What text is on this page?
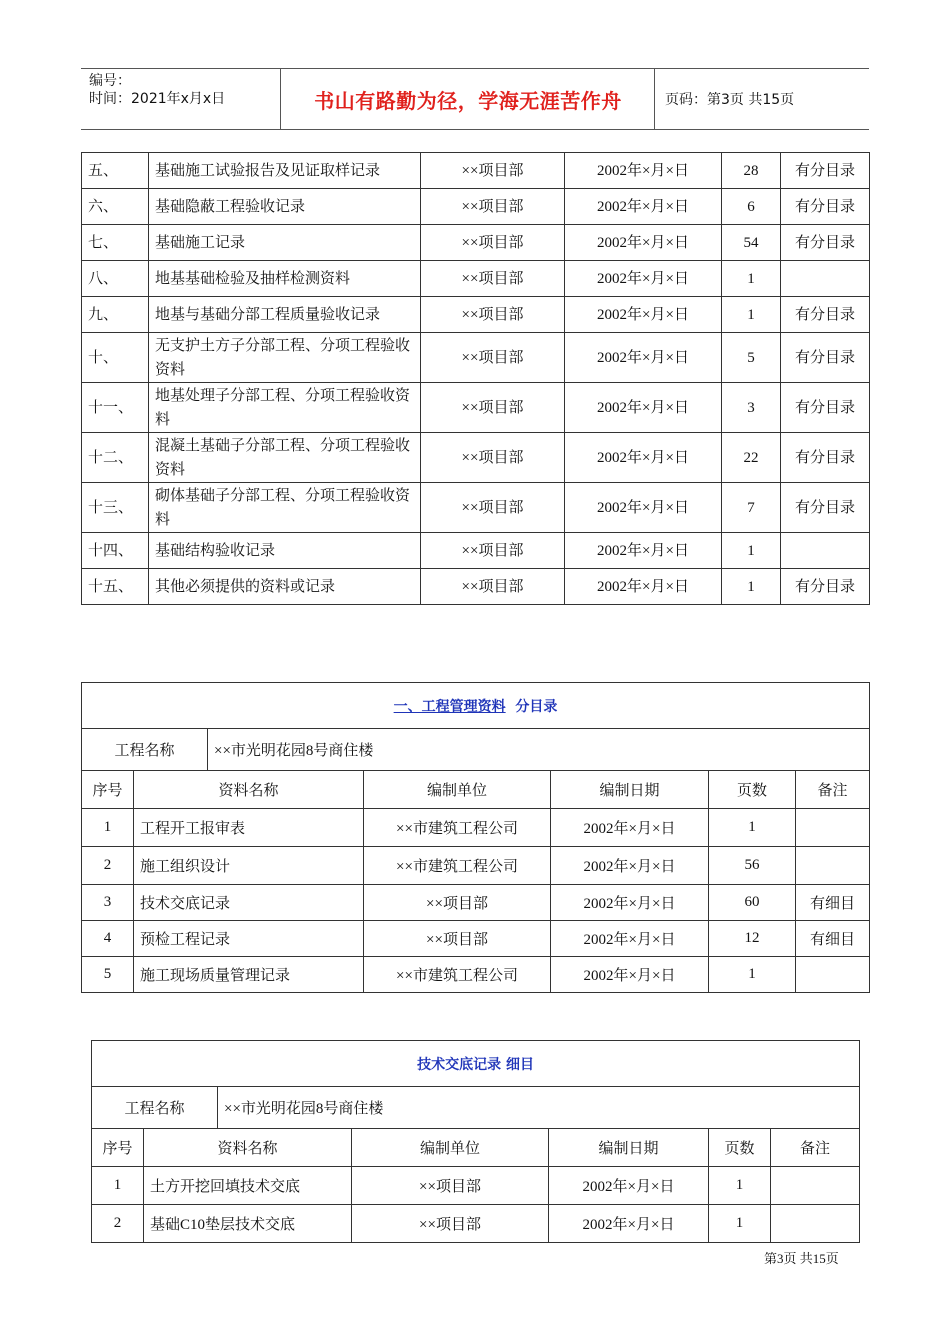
编号：
时间：2021年x月x日	书山有路勤为径，学海无涯苦作舟	页码：第3页 共15页
五、	基础施工试验报告及见证取样记录	××项目部	2002年×月×日	28	有分目录
六、	基础隐蔽工程验收记录	××项目部	2002年×月×日	6	有分目录
七、	基础施工记录	××项目部	2002年×月×日	54	有分目录
八、	地基基础检验及抽样检测资料	××项目部	2002年×月×日	1	
九、	地基与基础分部工程质量验收记录	××项目部	2002年×月×日	1	有分目录
十、	无支护土方子分部工程、分项工程验收资料	××项目部	2002年×月×日	5	有分目录
十一、	地基处理子分部工程、分项工程验收资料	××项目部	2002年×月×日	3	有分目录
十二、	混凝土基础子分部工程、分项工程验收资料	××项目部	2002年×月×日	22	有分目录
十三、	砌体基础子分部工程、分项工程验收资料	××项目部	2002年×月×日	7	有分目录
十四、	基础结构验收记录	××项目部	2002年×月×日	1	
十五、	其他必须提供的资料或记录	××项目部	2002年×月×日	1	有分目录
一、工程管理资料 分目录						
工程名称		××市光明花园8号商住楼				
序号	资料名称		编制单位	编制日期	页数	备注
1	工程开工报审表		××市建筑工程公司	2002年×月×日	1	
2	施工组织设计		××市建筑工程公司	2002年×月×日	56	
3	技术交底记录		××项目部	2002年×月×日	60	有细目
4	预检工程记录		××项目部	2002年×月×日	12	有细目
5	施工现场质量管理记录		××市建筑工程公司	2002年×月×日	1	
技术交底记录 细目						
工程名称		××市光明花园8号商住楼				
序号	资料名称		编制单位	编制日期	页数	备注
1	土方开挖回填技术交底		××项目部	2002年×月×日	1	
2	基础C10垫层技术交底		××项目部	2002年×月×日	1	
第3页 共15页
